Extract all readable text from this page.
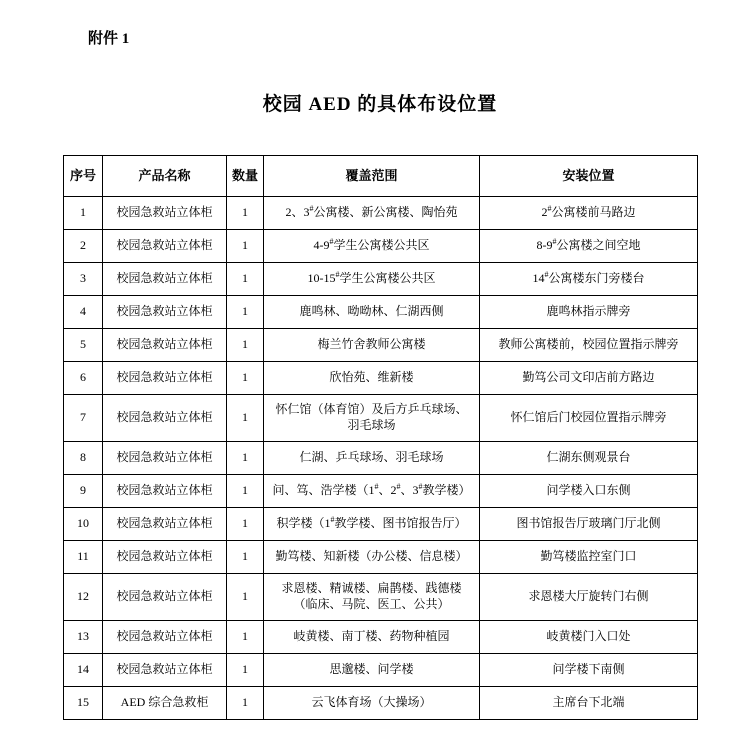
附件 1
校园 AED 的具体布设位置
序号	产品名称	数量	覆盖范围	安装位置
1	校园急救站立体柜	1	2、3#公寓楼、新公寓楼、陶怡苑	2#公寓楼前马路边
2	校园急救站立体柜	1	4-9#学生公寓楼公共区	8-9#公寓楼之间空地
3	校园急救站立体柜	1	10-15#学生公寓楼公共区	14#公寓楼东门旁楼台
4	校园急救站立体柜	1	鹿鸣林、呦呦林、仁湖西侧	鹿鸣林指示牌旁
5	校园急救站立体柜	1	梅兰竹舍教师公寓楼	教师公寓楼前，校园位置指示牌旁
6	校园急救站立体柜	1	欣怡苑、维新楼	勤笃公司文印店前方路边
7	校园急救站立体柜	1	怀仁馆（体育馆）及后方乒乓球场、
羽毛球场	怀仁馆后门校园位置指示牌旁
8	校园急救站立体柜	1	仁湖、乒乓球场、羽毛球场	仁湖东侧观景台
9	校园急救站立体柜	1	问、笃、浩学楼（1#、2#、3#教学楼）	问学楼入口东侧
10	校园急救站立体柜	1	积学楼（1#教学楼、图书馆报告厅）	图书馆报告厅玻璃门厅北侧
11	校园急救站立体柜	1	勤笃楼、知新楼（办公楼、信息楼）	勤笃楼监控室门口
12	校园急救站立体柜	1	求恩楼、精诚楼、扁鹊楼、践德楼
（临床、马院、医工、公共）	求恩楼大厅旋转门右侧
13	校园急救站立体柜	1	岐黄楼、南丁楼、药物种植园	岐黄楼门入口处
14	校园急救站立体柜	1	思邈楼、问学楼	问学楼下南侧
15	AED 综合急救柜	1	云飞体育场（大操场）	主席台下北端
